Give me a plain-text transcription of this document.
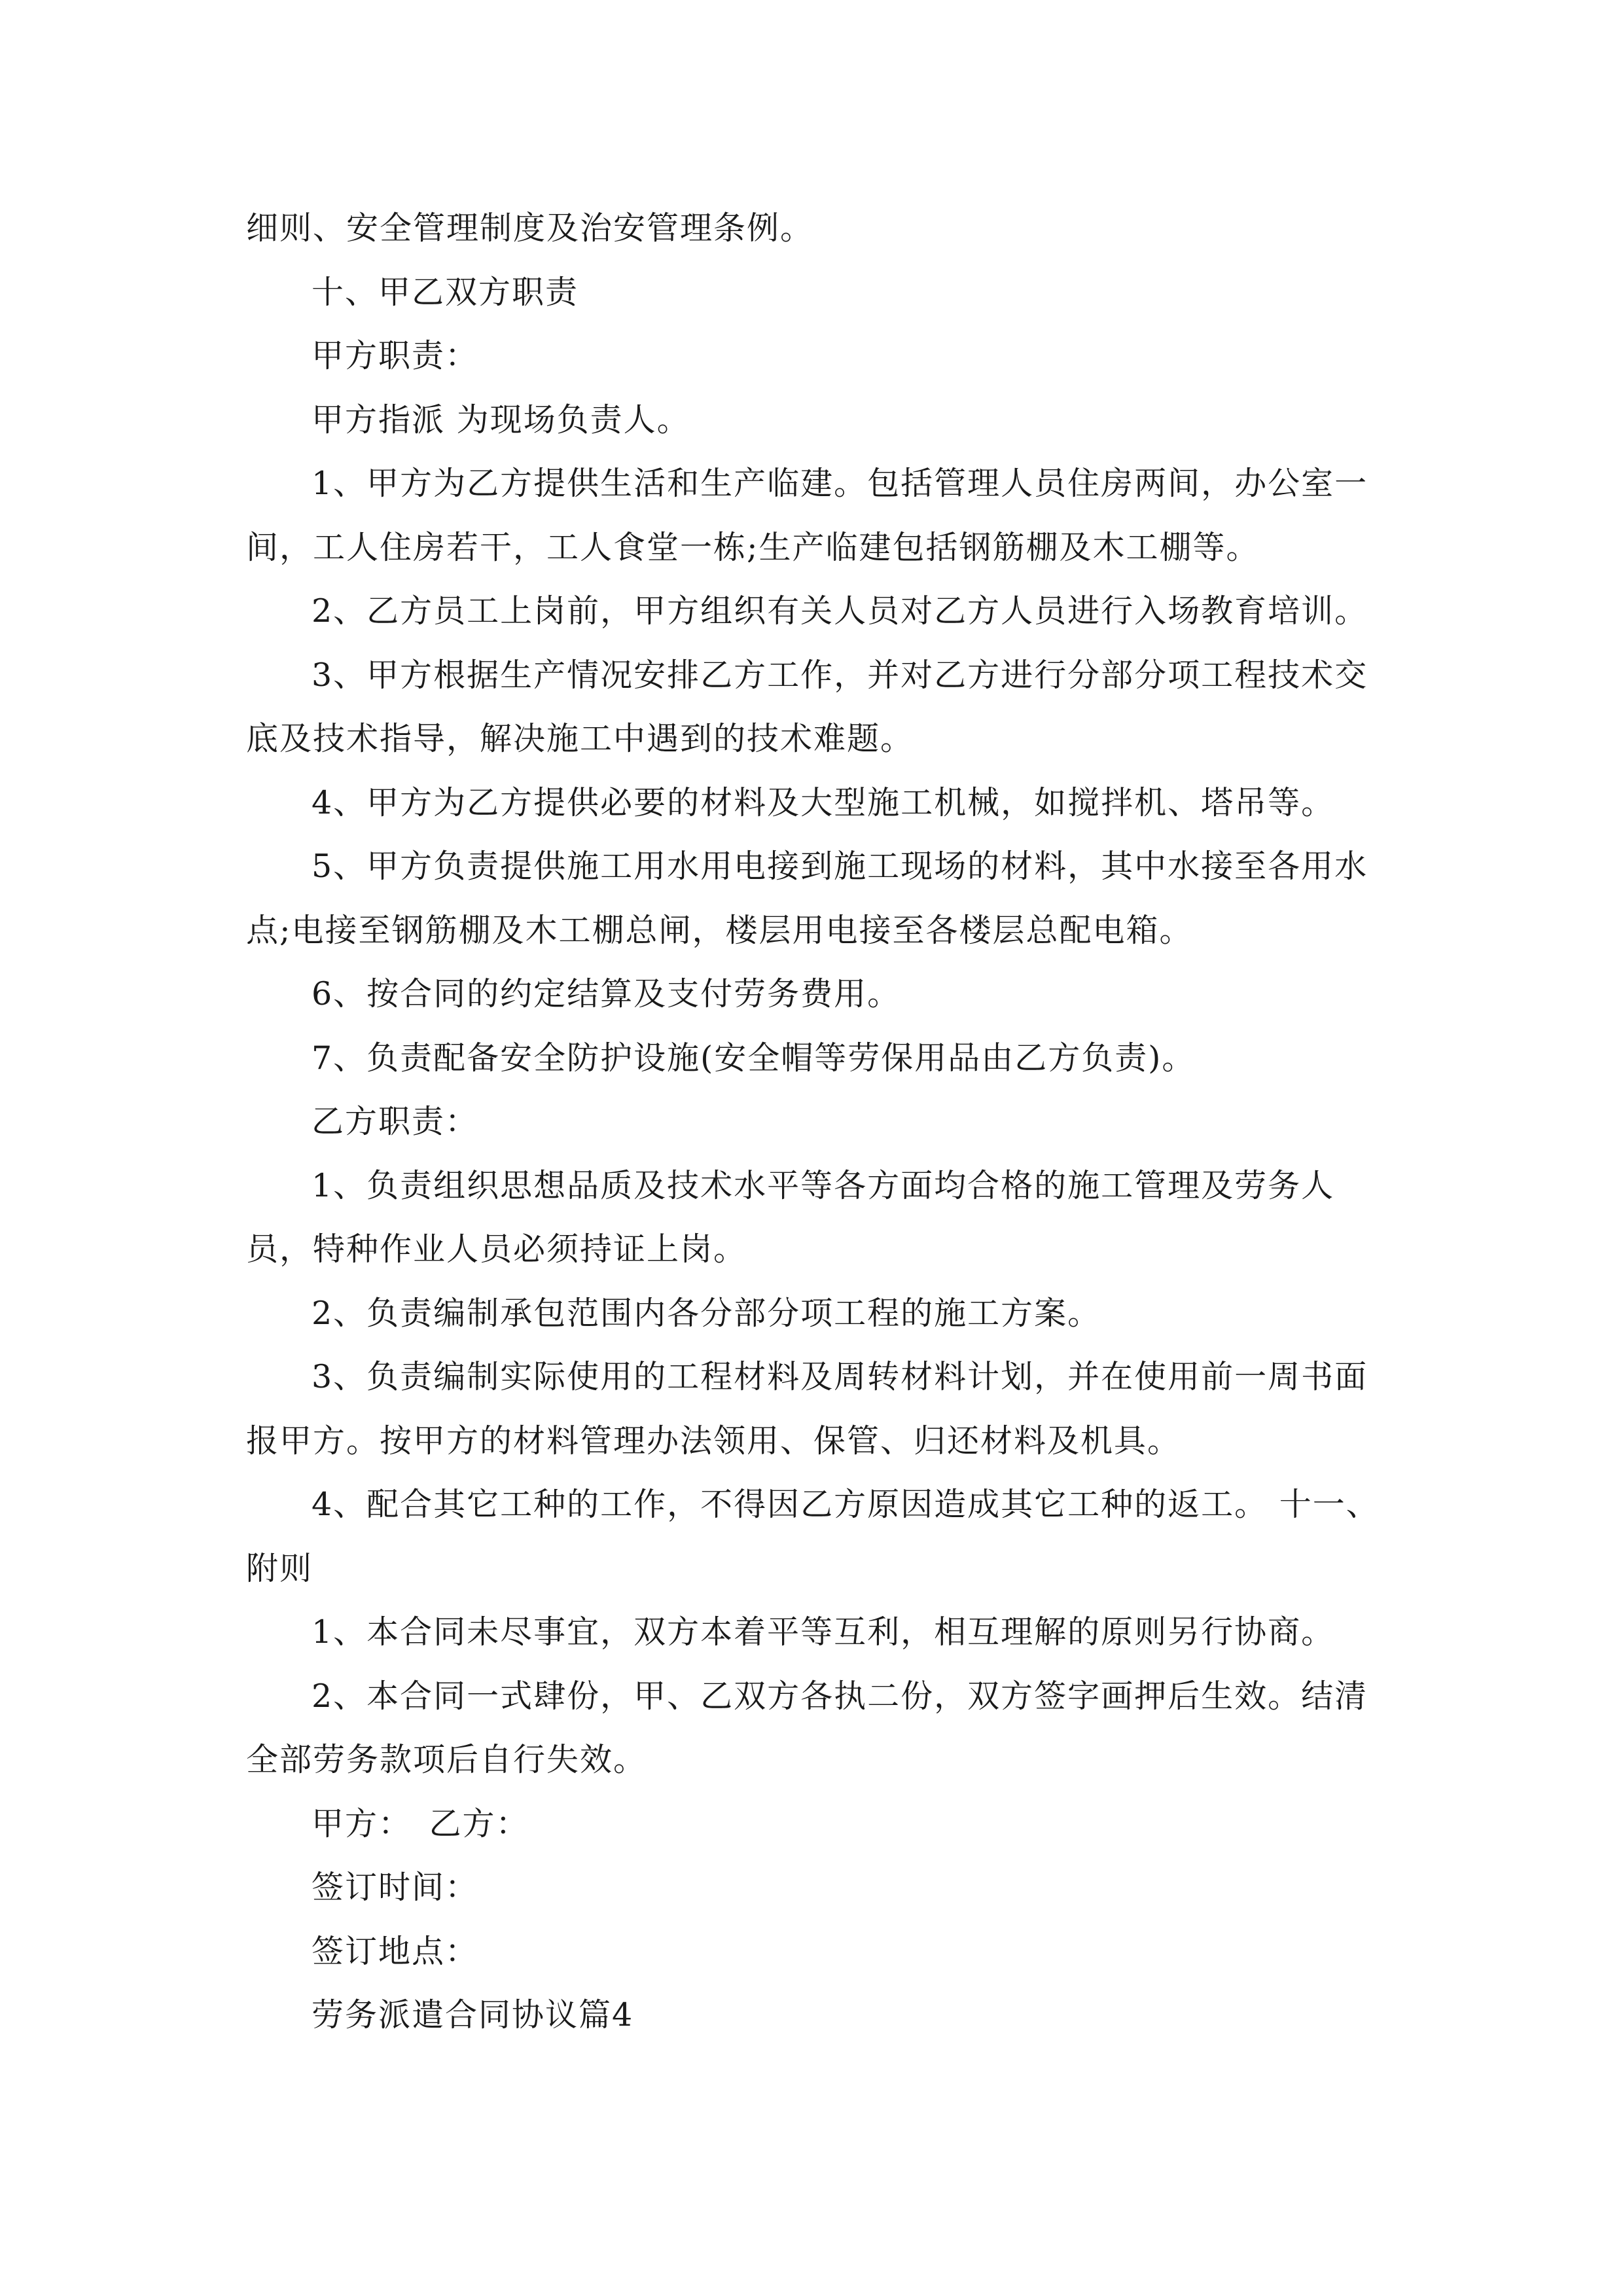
细则、安全管理制度及治安管理条例。

十、甲乙双方职责

甲方职责：

甲方指派 为现场负责人。

1、甲方为乙方提供生活和生产临建。包括管理人员住房两间，办公室一间，工人住房若干，工人食堂一栋;生产临建包括钢筋棚及木工棚等。

2、乙方员工上岗前，甲方组织有关人员对乙方人员进行入场教育培训。

3、甲方根据生产情况安排乙方工作，并对乙方进行分部分项工程技术交底及技术指导，解决施工中遇到的技术难题。

4、甲方为乙方提供必要的材料及大型施工机械，如搅拌机、塔吊等。

5、甲方负责提供施工用水用电接到施工现场的材料，其中水接至各用水点;电接至钢筋棚及木工棚总闸，楼层用电接至各楼层总配电箱。

6、按合同的约定结算及支付劳务费用。

7、负责配备安全防护设施(安全帽等劳保用品由乙方负责)。

乙方职责：

1、负责组织思想品质及技术水平等各方面均合格的施工管理及劳务人员，特种作业人员必须持证上岗。

2、负责编制承包范围内各分部分项工程的施工方案。

3、负责编制实际使用的工程材料及周转材料计划，并在使用前一周书面报甲方。按甲方的材料管理办法领用、保管、归还材料及机具。

4、配合其它工种的工作，不得因乙方原因造成其它工种的返工。 十一、附则

1、本合同未尽事宜，双方本着平等互利，相互理解的原则另行协商。

2、本合同一式肆份，甲、乙双方各执二份，双方签字画押后生效。结清全部劳务款项后自行失效。

甲方：　乙方：

签订时间：

签订地点：

劳务派遣合同协议篇4
